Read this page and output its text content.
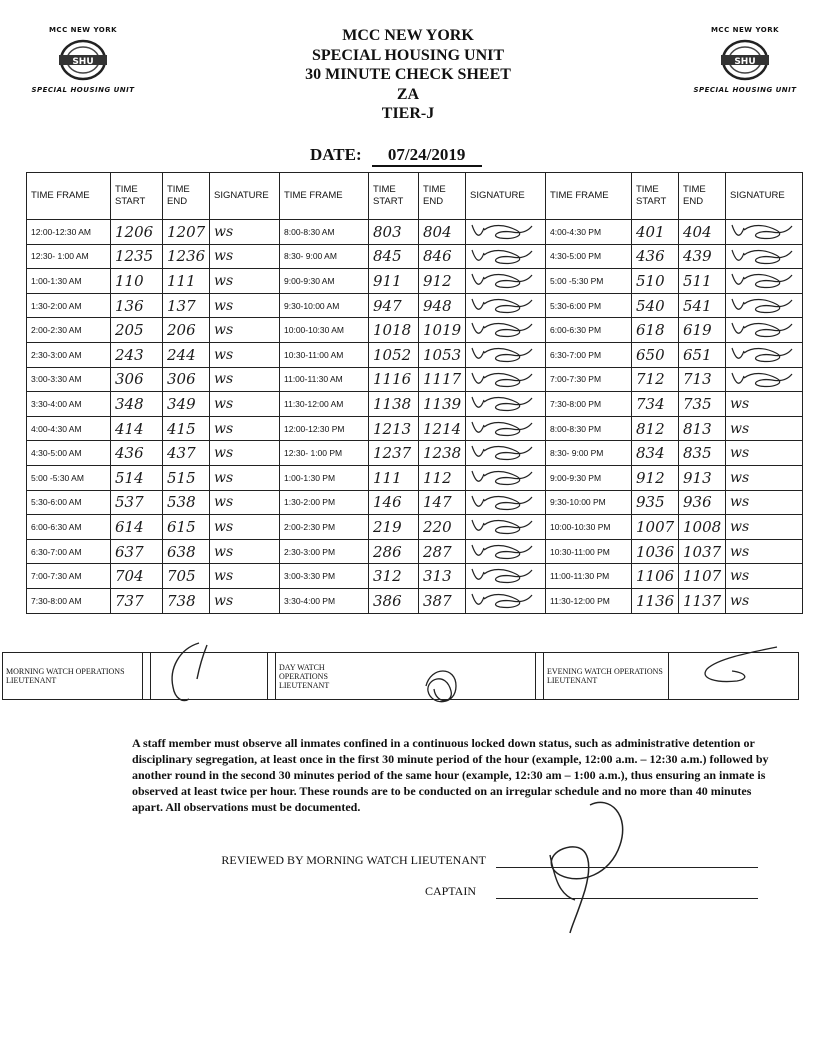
MCC NEW YORK
SHU
SPECIAL HOUSING UNIT
MCC NEW YORK
SHU
SPECIAL HOUSING UNIT
MCC NEW YORK
SPECIAL HOUSING UNIT
30 MINUTE CHECK SHEET
ZA
TIER-J
DATE: 07/24/2019
TIME FRAME	TIME START	TIME END	SIGNATURE	TIME FRAME	TIME START	TIME END	SIGNATURE	TIME FRAME	TIME START	TIME END	SIGNATURE
12:00-12:30 AM	1206	1207	ws	8:00-8:30 AM	803	804		4:00-4:30 PM	401	404	

12:30- 1:00 AM	1235	1236	ws	8:30- 9:00 AM	845	846		4:30-5:00 PM	436	439	

1:00-1:30 AM	110	111	ws	9:00-9:30 AM	911	912		5:00 -5:30 PM	510	511	

1:30-2:00 AM	136	137	ws	9:30-10:00 AM	947	948		5:30-6:00 PM	540	541	

2:00-2:30 AM	205	206	ws	10:00-10:30 AM	1018	1019		6:00-6:30 PM	618	619	

2:30-3:00 AM	243	244	ws	10:30-11:00 AM	1052	1053		6:30-7:00 PM	650	651	

3:00-3:30 AM	306	306	ws	11:00-11:30 AM	1116	1117		7:00-7:30 PM	712	713	

3:30-4:00 AM	348	349	ws	11:30-12:00 AM	1138	1139		7:30-8:00 PM	734	735	ws
4:00-4:30 AM	414	415	ws	12:00-12:30 PM	1213	1214		8:00-8:30 PM	812	813	ws
4:30-5:00 AM	436	437	ws	12:30- 1:00 PM	1237	1238		8:30- 9:00 PM	834	835	ws
5:00 -5:30 AM	514	515	ws	1:00-1:30 PM	111	112		9:00-9:30 PM	912	913	ws
5:30-6:00 AM	537	538	ws	1:30-2:00 PM	146	147		9:30-10:00 PM	935	936	ws
6:00-6:30 AM	614	615	ws	2:00-2:30 PM	219	220		10:00-10:30 PM	1007	1008	ws
6:30-7:00 AM	637	638	ws	2:30-3:00 PM	286	287		10:30-11:00 PM	1036	1037	ws
7:00-7:30 AM	704	705	ws	3:00-3:30 PM	312	313		11:00-11:30 PM	1106	1107	ws
7:30-8:00 AM	737	738	ws	3:30-4:00 PM	386	387		11:30-12:00 PM	1136	1137	ws
MORNING WATCH OPERATIONS LIEUTENANT		
		DAY WATCH OPERATIONS LIEUTENANT
		EVENING WATCH OPERATIONS LIEUTENANT	
A staff member must observe all inmates confined in a continuous locked down status, such as administrative detention or disciplinary segregation, at least once in the first 30 minute period of the hour (example, 12:00 a.m. – 12:30 a.m.) followed by another round in the second 30 minutes period of the same hour (example, 12:30 am – 1:00 a.m.), thus ensuring an inmate is observed at least twice per hour. These rounds are to be conducted on an irregular schedule and no more than 40 minutes apart. All observations must be documented.
REVIEWED BY MORNING WATCH LIEUTENANT
CAPTAIN
